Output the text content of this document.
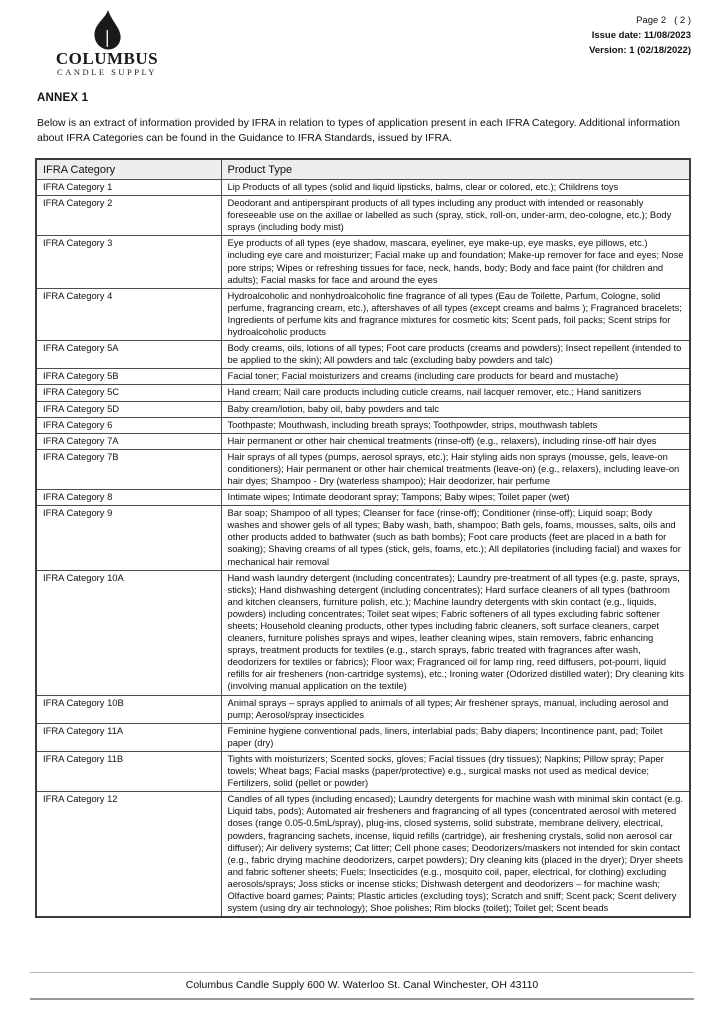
COLUMBUS
CANDLE SUPPLY
Page 2   ( 2 )
Issue date: 11/08/2023
Version: 1 (02/18/2022)
ANNEX 1

Below is an extract of information provided by IFRA in relation to types of application present in each IFRA Category. Additional information about IFRA Categories can be found in the Guidance to IFRA Standards, issued by IFRA.

IFRA Category	Product Type
IFRA Category 1	Lip Products of all types (solid and liquid lipsticks, balms, clear or colored, etc.); Childrens toys
IFRA Category 2	Deodorant and antiperspirant products of all types including any product with intended or reasonably foreseeable use on the axillae or labelled as such (spray, stick, roll-on, under-arm, deo-cologne, etc.); Body sprays (including body mist)
IFRA Category 3	Eye products of all types (eye shadow, mascara, eyeliner, eye make-up, eye masks, eye pillows, etc.) including eye care and moisturizer; Facial make up and foundation; Make-up remover for face and eyes; Nose pore strips; Wipes or refreshing tissues for face, neck, hands, body; Body and face paint (for children and adults); Facial masks for face and around the eyes
IFRA Category 4	Hydroalcoholic and nonhydroalcoholic fine fragrance of all types (Eau de Toilette, Parfum, Cologne, solid perfume, fragrancing cream, etc.), aftershaves of all types (except creams and balms ); Fragranced bracelets; Ingredients of perfume kits and fragrance mixtures for cosmetic kits; Scent pads, foil packs; Scent strips for hydroalcoholic products
IFRA Category 5A	Body creams, oils, lotions of all types; Foot care products (creams and powders); Insect repellent (intended to be applied to the skin); All powders and talc (excluding baby powders and talc)
IFRA Category 5B	Facial toner; Facial moisturizers and creams (including care products for beard and mustache)
IFRA Category 5C	Hand cream; Nail care products including cuticle creams, nail lacquer remover, etc.; Hand sanitizers
IFRA Category 5D	Baby cream/lotion, baby oil, baby powders and talc
IFRA Category 6	Toothpaste; Mouthwash, including breath sprays; Toothpowder, strips, mouthwash tablets
IFRA Category 7A	Hair permanent or other hair chemical treatments (rinse-off) (e.g., relaxers), including rinse-off hair dyes
IFRA Category 7B	Hair sprays of all types (pumps, aerosol sprays, etc.); Hair styling aids non sprays (mousse, gels, leave-on conditioners); Hair permanent or other hair chemical treatments (leave-on) (e.g., relaxers), including leave-on hair dyes; Shampoo - Dry (waterless shampoo); Hair deodorizer, hair perfume
IFRA Category 8	Intimate wipes; Intimate deodorant spray; Tampons; Baby wipes; Toilet paper (wet)
IFRA Category 9	Bar soap; Shampoo of all types; Cleanser for face (rinse-off); Conditioner (rinse-off); Liquid soap; Body washes and shower gels of all types; Baby wash, bath, shampoo; Bath gels, foams, mousses, salts, oils and other products added to bathwater (such as bath bombs); Foot care products (feet are placed in a bath for soaking); Shaving creams of all types (stick, gels, foams, etc.); All depilatories (including facial) and waxes for mechanical hair removal
IFRA Category 10A	Hand wash laundry detergent (including concentrates); Laundry pre-treatment of all types (e.g. paste, sprays, sticks); Hand dishwashing detergent (including concentrates); Hard surface cleaners of all types (bathroom and kitchen cleansers, furniture polish, etc.); Machine laundry detergents with skin contact (e.g., liquids, powders) including concentrates; Toilet seat wipes; Fabric softeners of all types excluding fabric softener sheets; Household cleaning products, other types including fabric cleaners, soft surface cleaners, carpet cleaners, furniture polishes sprays and wipes, leather cleaning wipes, stain removers, fabric enhancing sprays, treatment products for textiles (e.g., starch sprays, fabric treated with fragrances after wash, deodorizers for textiles or fabrics); Floor wax; Fragranced oil for lamp ring, reed diffusers, pot-pourri, liquid refills for air fresheners (non-cartridge systems), etc.; Ironing water (Odorized distilled water); Dry cleaning kits (involving manual application on the textile)
IFRA Category 10B	Animal sprays – sprays applied to animals of all types; Air freshener sprays, manual, including aerosol and pump; Aerosol/spray insecticides
IFRA Category 11A	Feminine hygiene conventional pads, liners, interlabial pads; Baby diapers; Incontinence pant, pad; Toilet paper (dry)
IFRA Category 11B	Tights with moisturizers; Scented socks, gloves; Facial tissues (dry tissues); Napkins; Pillow spray; Paper towels; Wheat bags; Facial masks (paper/protective) e.g., surgical masks not used as medical device; Fertilizers, solid (pellet or powder)
IFRA Category 12	Candles of all types (including encased); Laundry detergents for machine wash with minimal skin contact (e.g. Liquid tabs, pods); Automated air fresheners and fragrancing of all types (concentrated aerosol with metered doses (range 0.05-0.5mL/spray), plug-ins, closed systems, solid substrate, membrane delivery, electrical, powders, fragrancing sachets, incense, liquid refills (cartridge), air freshening crystals, solid non aerosol car diffuser); Air delivery systems; Cat litter; Cell phone cases; Deodorizers/maskers not intended for skin contact (e.g., fabric drying machine deodorizers, carpet powders); Dry cleaning kits (placed in the dryer); Dryer sheets and fabric softener sheets; Fuels; Insecticides (e.g., mosquito coil, paper, electrical, for clothing) excluding aerosols/sprays; Joss sticks or incense sticks; Dishwash detergent and deodorizers – for machine wash; Olfactive board games; Paints; Plastic articles (excluding toys); Scratch and sniff; Scent pack; Scent delivery system (using dry air technology); Shoe polishes; Rim blocks (toilet); Toilet gel; Scent beads
Columbus Candle Supply 600 W. Waterloo St. Canal Winchester, OH 43110
